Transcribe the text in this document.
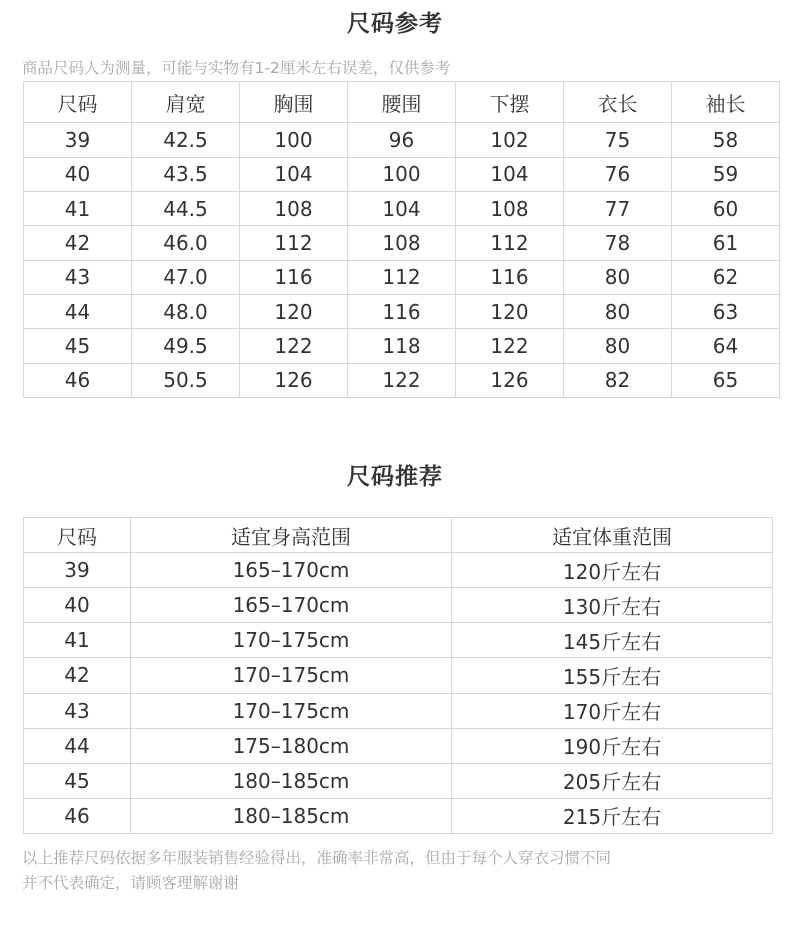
尺码参考
商品尺码人为测量，可能与实物有1-2厘米左右误差，仅供参考
尺码	肩宽	胸围	腰围	下摆	衣长	袖长
39	42.5	100	96	102	75	58
40	43.5	104	100	104	76	59
41	44.5	108	104	108	77	60
42	46.0	112	108	112	78	61
43	47.0	116	112	116	80	62
44	48.0	120	116	120	80	63
45	49.5	122	118	122	80	64
46	50.5	126	122	126	82	65
尺码推荐
尺码	适宜身高范围	适宜体重范围
39	165–170cm	120斤左右
40	165–170cm	130斤左右
41	170–175cm	145斤左右
42	170–175cm	155斤左右
43	170–175cm	170斤左右
44	175–180cm	190斤左右
45	180–185cm	205斤左右
46	180–185cm	215斤左右
以上推荐尺码依据多年服装销售经验得出，准确率非常高，但由于每个人穿衣习惯不同
并不代表确定，请顾客理解谢谢
